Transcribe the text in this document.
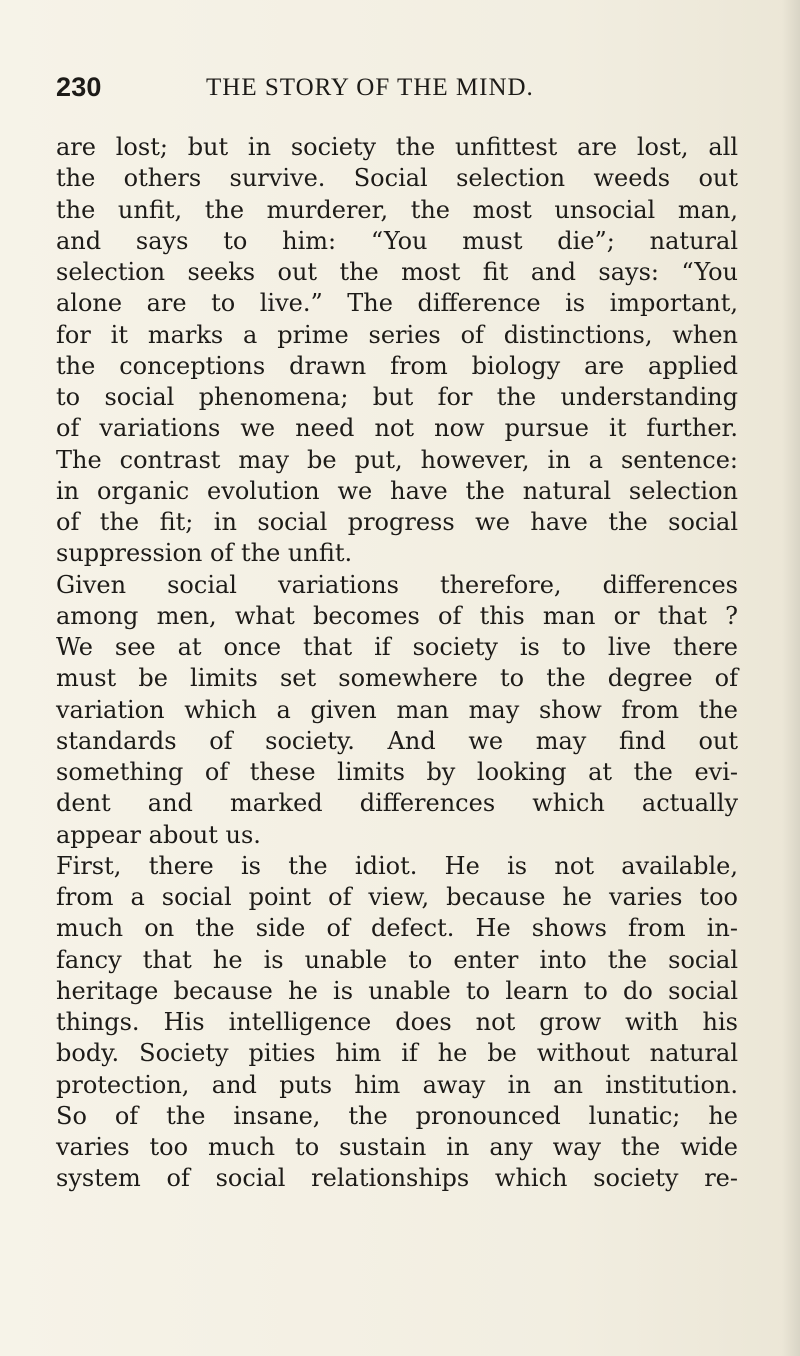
230	THE STORY OF THE MIND.
are lost; but in society the unfittest are lost, all
the others survive. Social selection weeds out
the unfit, the murderer, the most unsocial man,
and says to him: “You must die”; natural
selection seeks out the most fit and says: “You
alone are to live.” The difference is important,
for it marks a prime series of distinctions, when
the conceptions drawn from biology are applied
to social phenomena; but for the understanding
of variations we need not now pursue it further.
The contrast may be put, however, in a sentence:
in organic evolution we have the natural selection
of the fit; in social progress we have the social
suppression of the unfit.
Given social variations therefore, differences
among men, what becomes of this man or that ?
We see at once that if society is to live there
must be limits set somewhere to the degree of
variation which a given man may show from the
standards of society. And we may find out
something of these limits by looking at the evi-
dent and marked differences which actually
appear about us.
First, there is the idiot. He is not available,
from a social point of view, because he varies too
much on the side of defect. He shows from in-
fancy that he is unable to enter into the social
heritage because he is unable to learn to do social
things. His intelligence does not grow with his
body. Society pities him if he be without natural
protection, and puts him away in an institution.
So of the insane, the pronounced lunatic; he
varies too much to sustain in any way the wide
system of social relationships which society re-
